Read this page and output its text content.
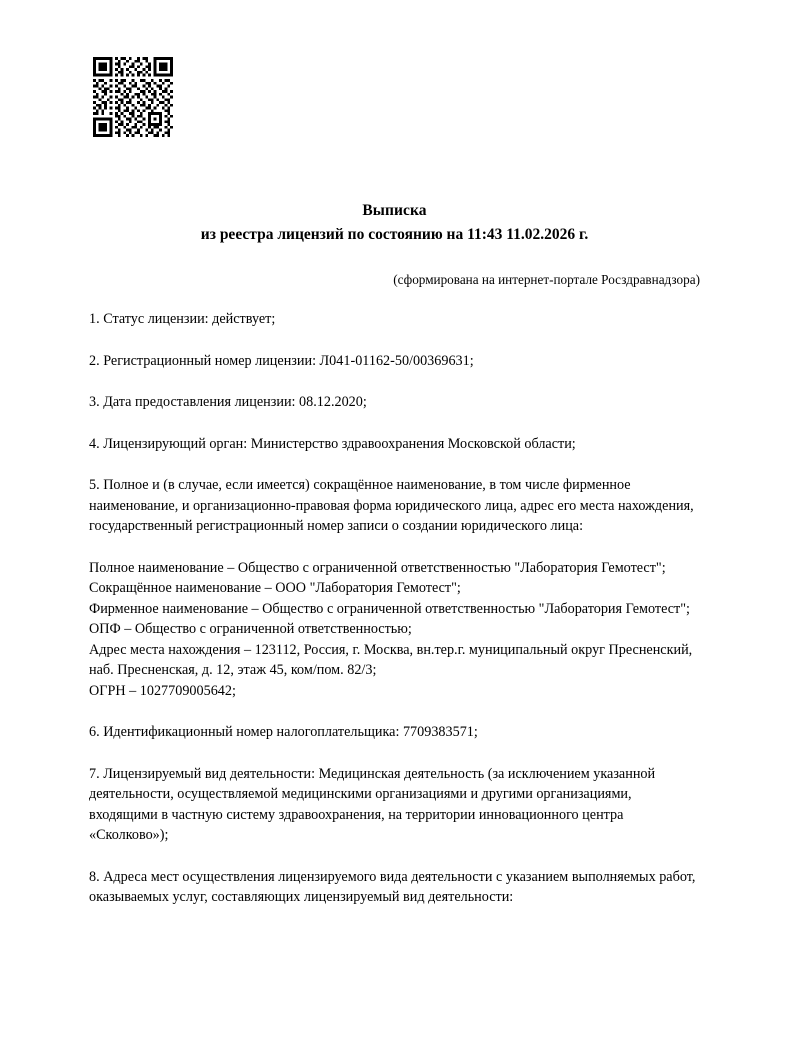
Выписка
из реестра лицензий по состоянию на 11:43 11.02.2026 г.
(сформирована на интернет-портале Росздравнадзора)
1. Статус лицензии: действует;
2. Регистрационный номер лицензии: Л041-01162-50/00369631;
3. Дата предоставления лицензии: 08.12.2020;
4. Лицензирующий орган: Министерство здравоохранения Московской области;
5. Полное и (в случае, если имеется) сокращённое наименование, в том числе фирменное наименование, и организационно-правовая форма юридического лица, адрес его места нахождения, государственный регистрационный номер записи о создании юридического лица:
Полное наименование – Общество с ограниченной ответственностью "Лаборатория Гемотест";
Сокращённое наименование – ООО "Лаборатория Гемотест";
Фирменное наименование – Общество с ограниченной ответственностью "Лаборатория Гемотест";
ОПФ – Общество с ограниченной ответственностью;
Адрес места нахождения – 123112, Россия, г. Москва, вн.тер.г. муниципальный округ Пресненский, наб. Пресненская, д. 12, этаж 45, ком/пом. 82/3;
ОГРН – 1027709005642;
6. Идентификационный номер налогоплательщика: 7709383571;
7. Лицензируемый вид деятельности: Медицинская деятельность (за исключением указанной деятельности, осуществляемой медицинскими организациями и другими организациями, входящими в частную систему здравоохранения, на территории инновационного центра «Сколково»);
8. Адреса мест осуществления лицензируемого вида деятельности с указанием выполняемых работ, оказываемых услуг, составляющих лицензируемый вид деятельности:
